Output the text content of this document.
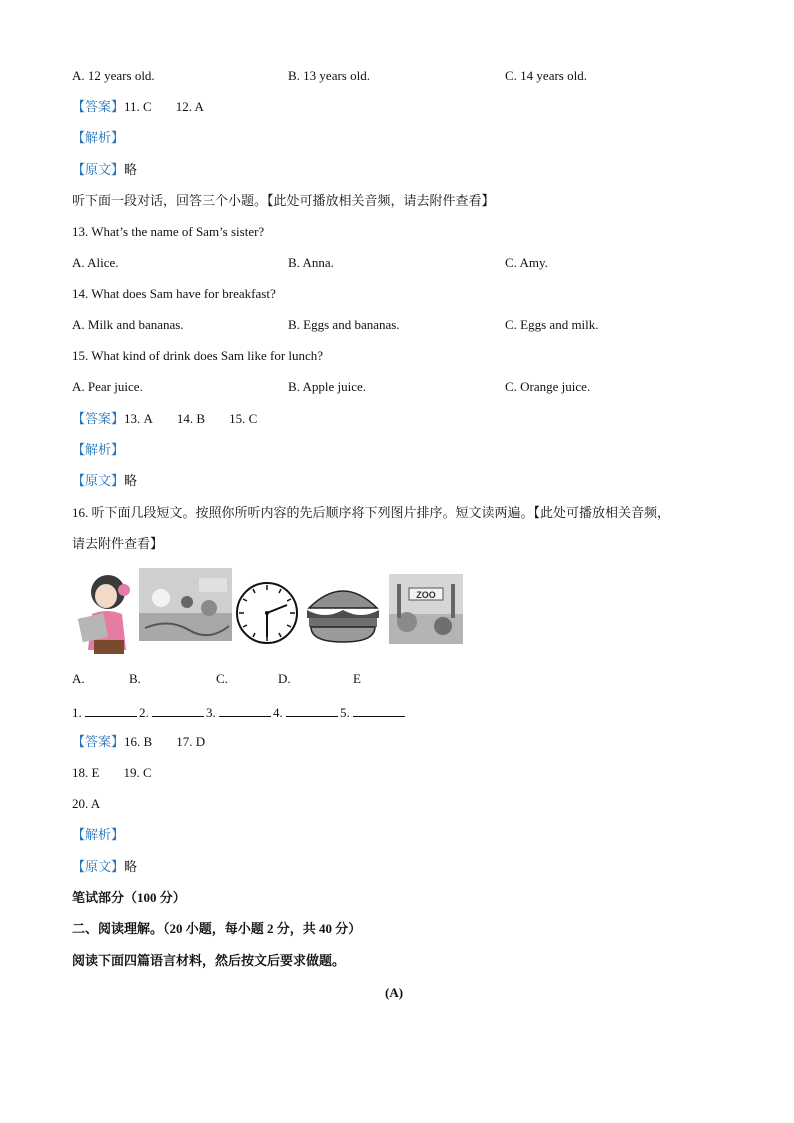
A. 12 years old.	B. 13 years old.	C. 14 years old.
【答案】11. C 12. A
【解析】
【原文】略
听下面一段对话，回答三个小题。【此处可播放相关音频，请去附件查看】
13. What’s the name of Sam’s sister?
A. Alice.	B. Anna.	C. Amy.
14. What does Sam have for breakfast?
A. Milk and bananas.	B. Eggs and bananas.	C. Eggs and milk.
15. What kind of drink does Sam like for lunch?
A. Pear juice.	B. Apple juice.	C. Orange juice.
【答案】13. A 14. B 15. C
【解析】
【原文】略
16. 听下面几段短文。按照你所听内容的先后顺序将下列图片排序。短文读两遍。【此处可播放相关音频，
请去附件查看】
ZOO
A.	B.	C.	D.	E
1.	2.	3.	4.	5.
【答案】16. B 17. D
18. E 19. C
20. A
【解析】
【原文】略
笔试部分（100 分）
二、阅读理解。（20 小题，每小题 2 分，共 40 分）
阅读下面四篇语言材料，然后按文后要求做题。
(A)
